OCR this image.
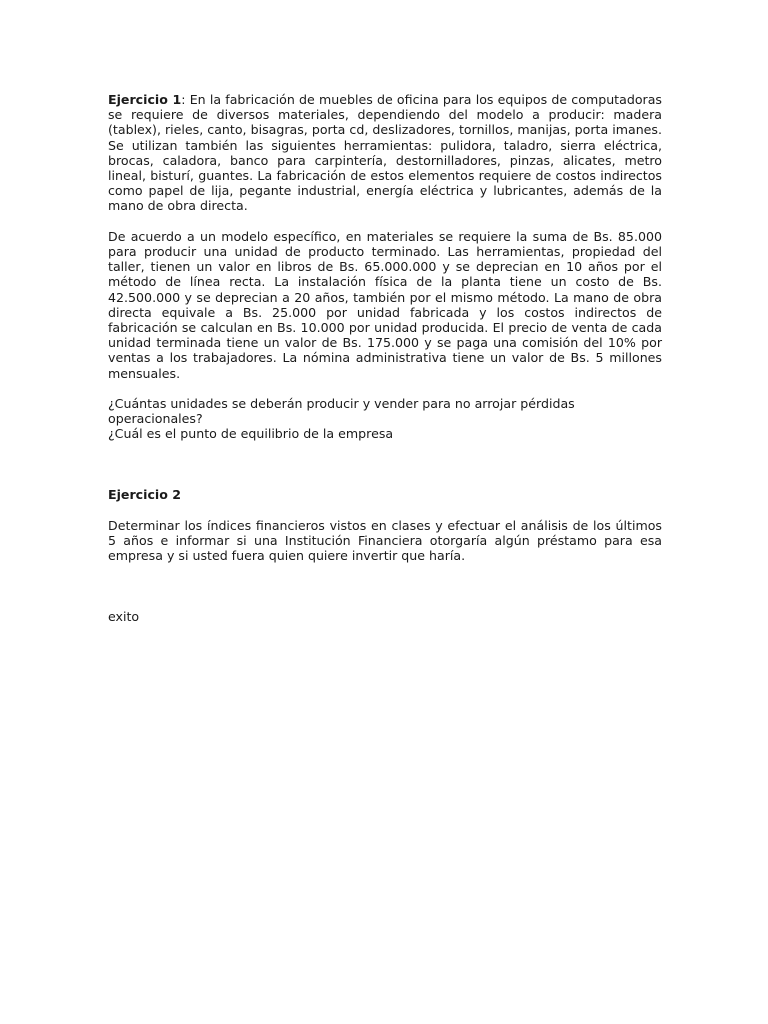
Ejercicio 1: En la fabricación de muebles de oficina para los equipos de computadoras se requiere de diversos materiales, dependiendo del modelo a producir: madera (tablex), rieles, canto, bisagras, porta cd, deslizadores, tornillos, manijas, porta imanes. Se utilizan también las siguientes herramientas: pulidora, taladro, sierra eléctrica, brocas, caladora, banco para carpintería, destornilladores, pinzas, alicates, metro lineal, bisturí, guantes. La fabricación de estos elementos requiere de costos indirectos como papel de lija, pegante industrial, energía eléctrica y lubricantes, además de la mano de obra directa.

De acuerdo a un modelo específico, en materiales se requiere la suma de Bs. 85.000 para producir una unidad de producto terminado. Las herramientas, propiedad del taller, tienen un valor en libros de Bs. 65.000.000 y se deprecian en 10 años por el método de línea recta. La instalación física de la planta tiene un costo de Bs. 42.500.000 y se deprecian a 20 años, también por el mismo método. La mano de obra directa equivale a Bs. 25.000 por unidad fabricada y los costos indirectos de fabricación se calculan en Bs. 10.000 por unidad producida. El precio de venta de cada unidad terminada tiene un valor de Bs. 175.000 y se paga una comisión del 10% por ventas a los trabajadores. La nómina administrativa tiene un valor de Bs. 5 millones mensuales.

¿Cuántas unidades se deberán producir y vender para no arrojar pérdidas operacionales?

¿Cuál es el punto de equilibrio de la empresa

Ejercicio 2

Determinar los índices financieros vistos en clases y efectuar el análisis de los últimos 5 años e informar si una Institución Financiera otorgaría algún préstamo para esa empresa y si usted fuera quien quiere invertir que haría.

exito
